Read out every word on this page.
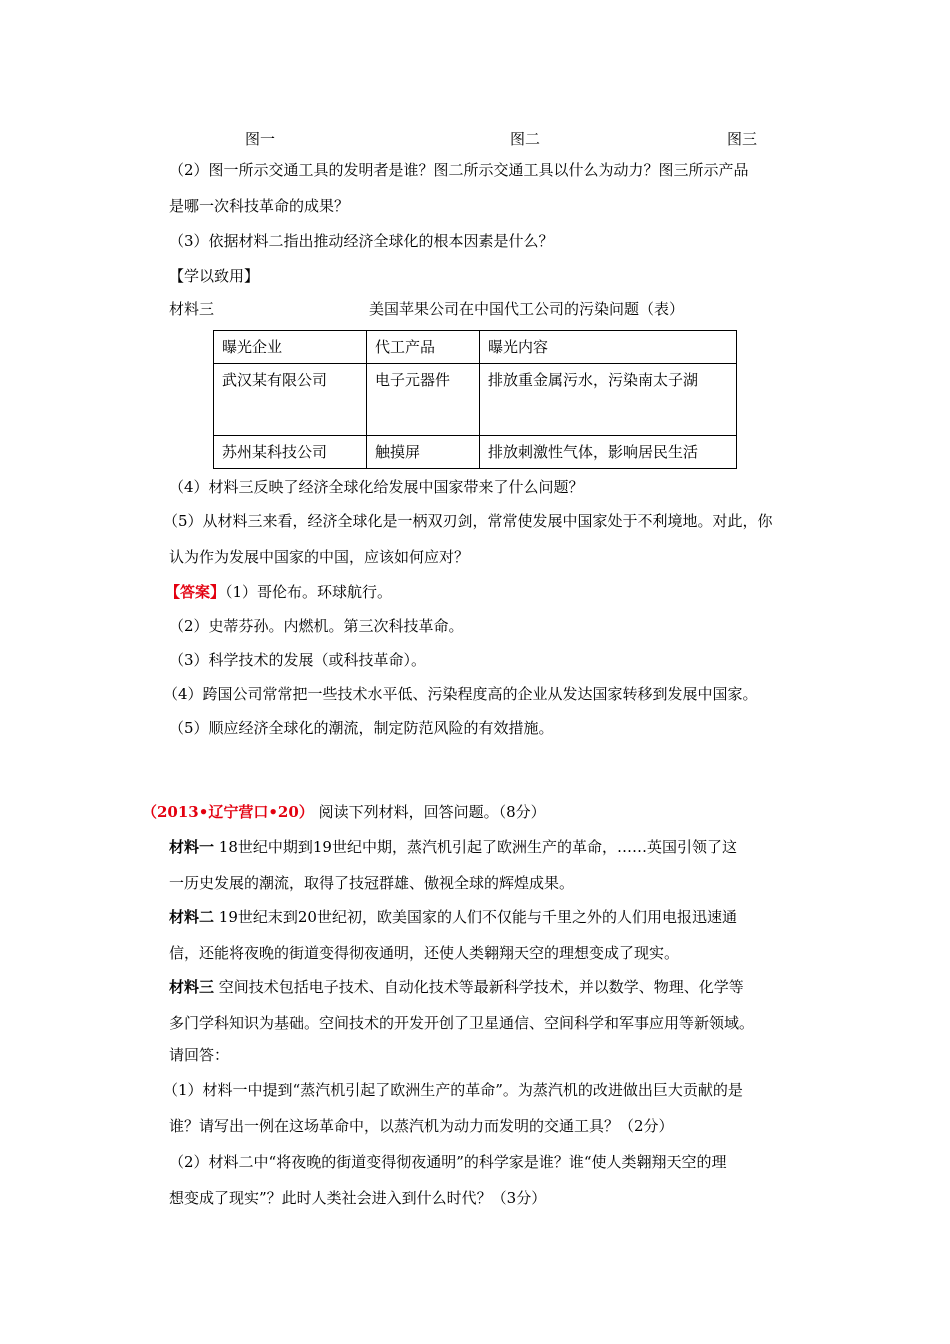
图一	图二	图三
（2）图一所示交通工具的发明者是谁？图二所示交通工具以什么为动力？图三所示产品
是哪一次科技革命的成果？
（3）依据材料二指出推动经济全球化的根本因素是什么？
【学以致用】
材料三	美国苹果公司在中国代工公司的污染问题（表）
曝光企业	代工产品	曝光内容
武汉某有限公司	电子元器件	排放重金属污水，污染南太子湖
苏州某科技公司	触摸屏	排放刺激性气体，影响居民生活
（4）材料三反映了经济全球化给发展中国家带来了什么问题？
（5）从材料三来看，经济全球化是一柄双刃剑，常常使发展中国家处于不利境地。对此，你
认为作为发展中国家的中国，应该如何应对？
【答案】（1）哥伦布。环球航行。
（2）史蒂芬孙。内燃机。第三次科技革命。
（3）科学技术的发展（或科技革命）。
（4）跨国公司常常把一些技术水平低、污染程度高的企业从发达国家转移到发展中国家。
（5）顺应经济全球化的潮流，制定防范风险的有效措施。
（2013•辽宁营口•20） 阅读下列材料，回答问题。（8分）
材料一 18世纪中期到19世纪中期，蒸汽机引起了欧洲生产的革命，……英国引领了这
一历史发展的潮流，取得了技冠群雄、傲视全球的辉煌成果。
材料二 19世纪末到20世纪初，欧美国家的人们不仅能与千里之外的人们用电报迅速通
信，还能将夜晚的街道变得彻夜通明，还使人类翱翔天空的理想变成了现实。
材料三 空间技术包括电子技术、自动化技术等最新科学技术，并以数学、物理、化学等
多门学科知识为基础。空间技术的开发开创了卫星通信、空间科学和军事应用等新领域。
请回答：
（1）材料一中提到“蒸汽机引起了欧洲生产的革命”。为蒸汽机的改进做出巨大贡献的是
谁？请写出一例在这场革命中，以蒸汽机为动力而发明的交通工具？（2分）
（2）材料二中“将夜晚的街道变得彻夜通明”的科学家是谁？谁“使人类翱翔天空的理
想变成了现实”？此时人类社会进入到什么时代？（3分）
